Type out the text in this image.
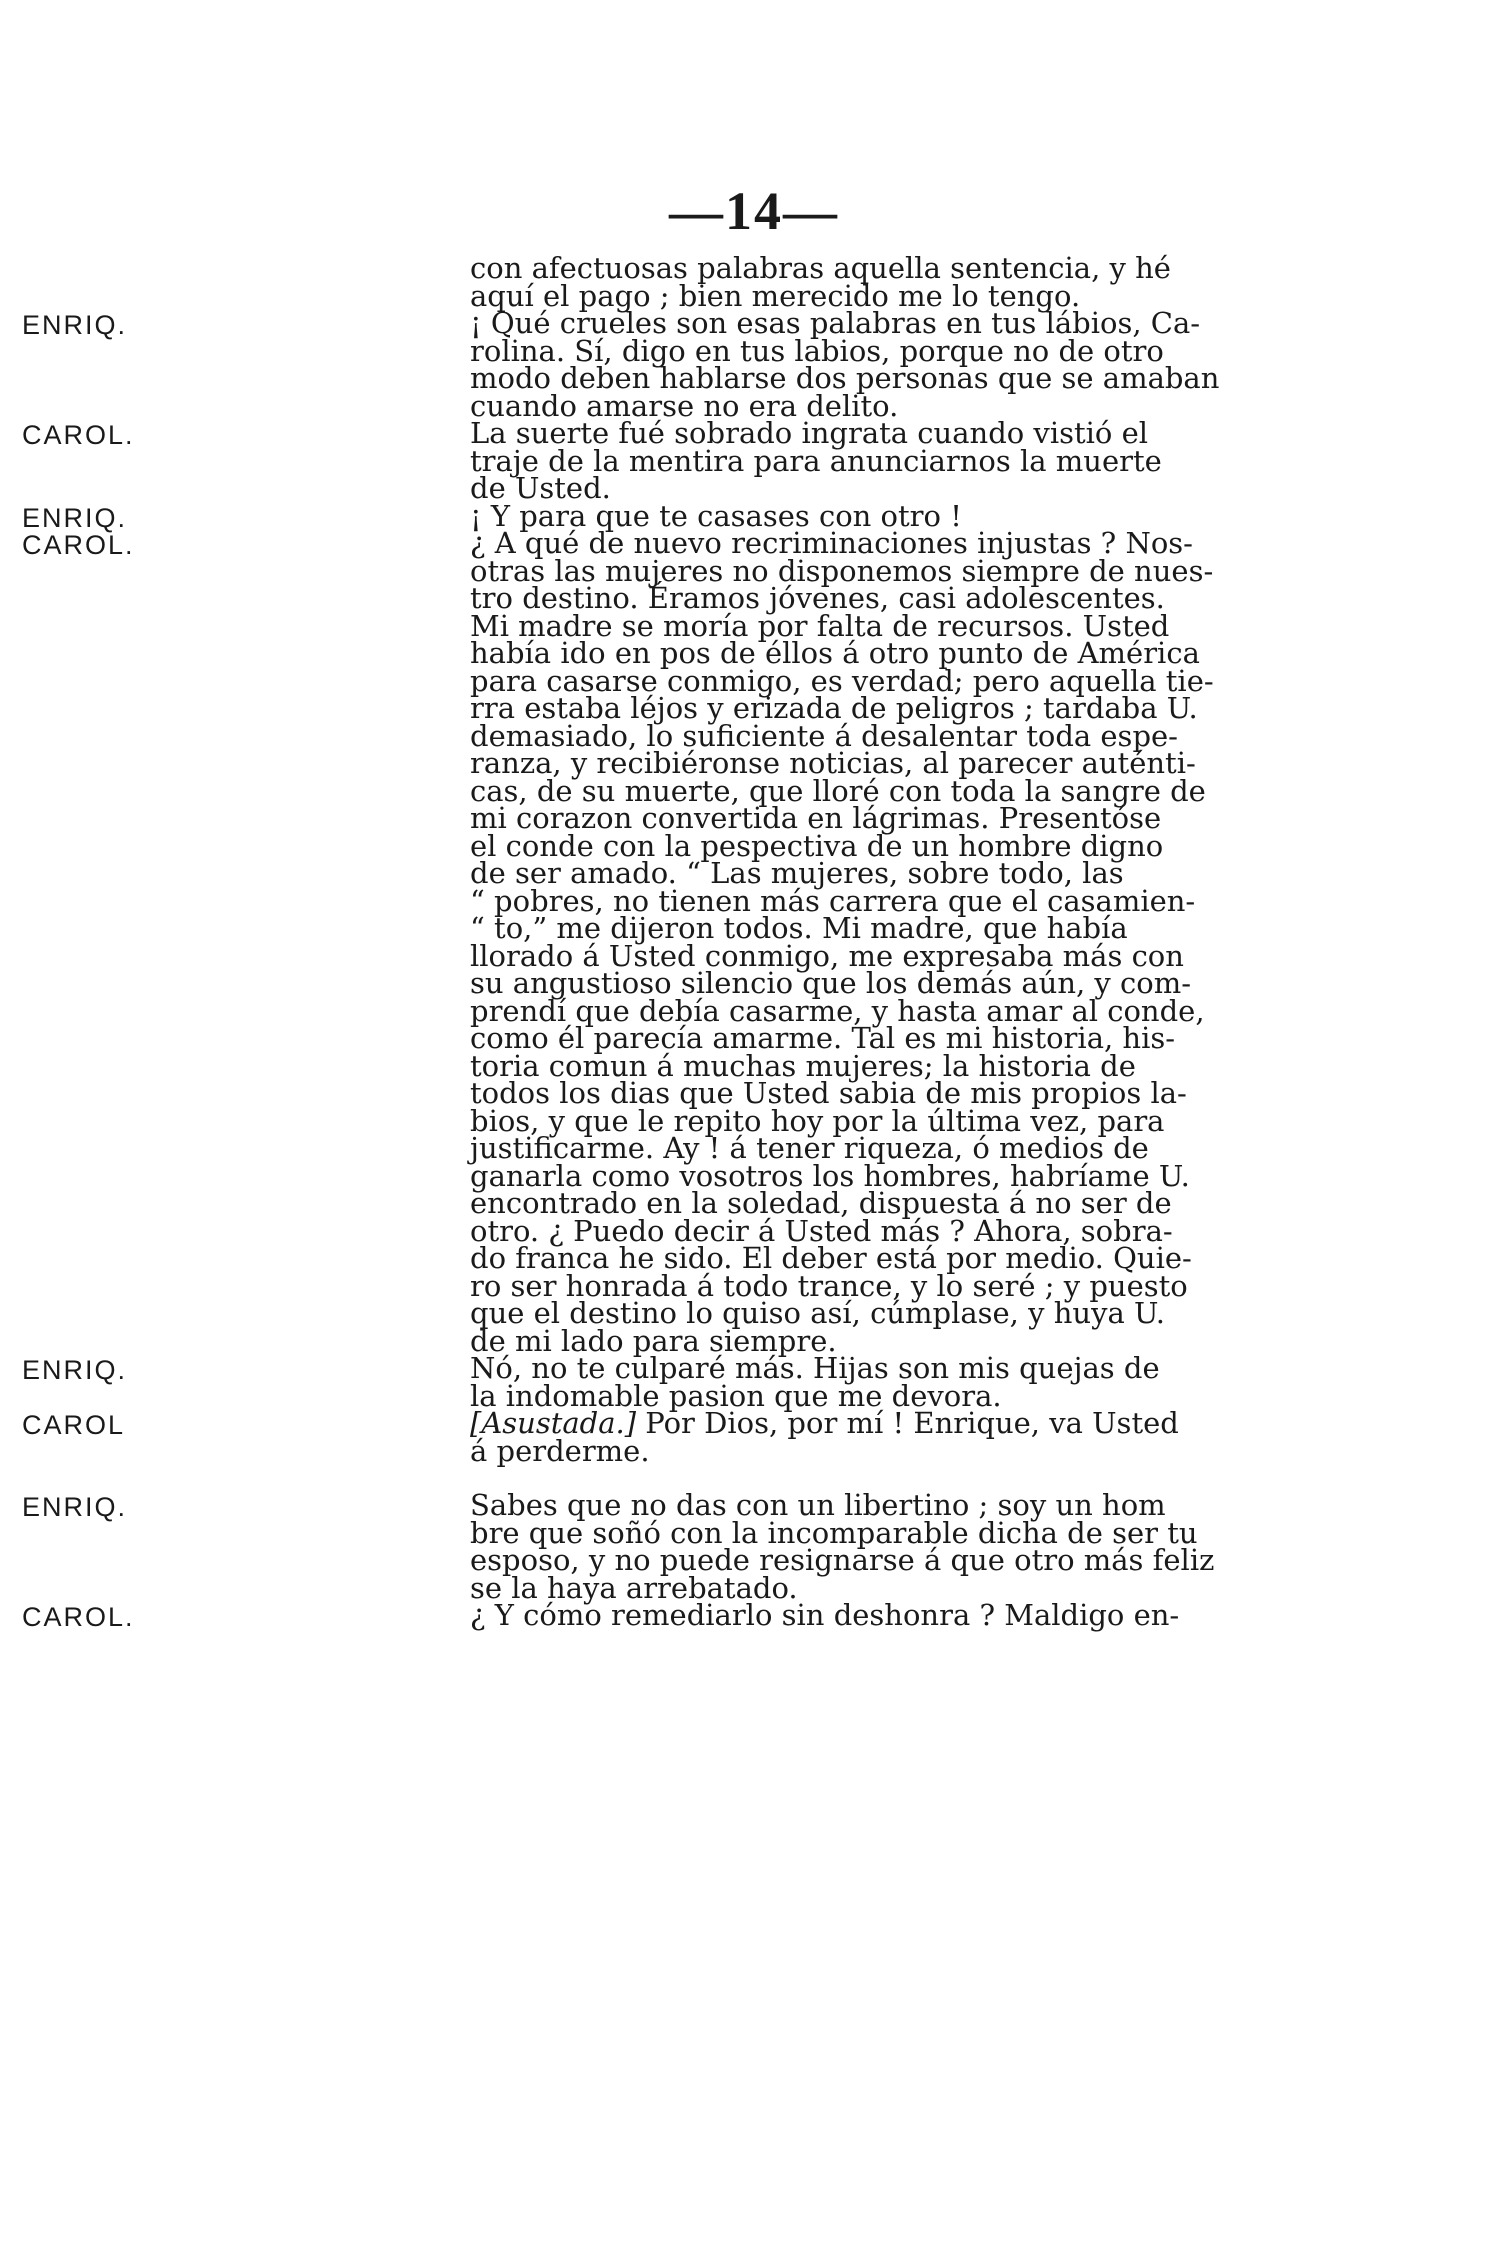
—14—

con afectuosas palabras aquella sentencia, y hé

aquí el pago ; bien merecido me lo tengo.

ENRIQ.	¡ Qué crueles son esas palabras en tus lábios, Ca-

rolina. Sí, digo en tus labios, porque no de otro

modo deben hablarse dos personas que se amaban

cuando amarse no era delito.

CAROL.	La suerte fué sobrado ingrata cuando vistió el

traje de la mentira para anunciarnos la muerte

de Usted.

ENRIQ.	¡ Y para que te casases con otro !

CAROL.	¿ A qué de nuevo recriminaciones injustas ? Nos-

otras las mujeres no disponemos siempre de nues-

tro destino. Éramos jóvenes, casi adolescentes.

Mi madre se moría por falta de recursos. Usted

había ido en pos de éllos á otro punto de América

para casarse conmigo, es verdad; pero aquella tie-

rra estaba léjos y erizada de peligros ; tardaba U.

demasiado, lo suficiente á desalentar toda espe-

ranza, y recibiéronse noticias, al parecer auténti-

cas, de su muerte, que lloré con toda la sangre de

mi corazon convertida en lágrimas. Presentóse

el conde con la pespectiva de un hombre digno

de ser amado. “ Las mujeres, sobre todo, las

“ pobres, no tienen más carrera que el casamien-

“ to,” me dijeron todos. Mi madre, que había

llorado á Usted conmigo, me expresaba más con

su angustioso silencio que los demás aún, y com-

prendí que debía casarme, y hasta amar al conde,

como él parecía amarme. Tal es mi historia, his-

toria comun á muchas mujeres; la historia de

todos los dias que Usted sabia de mis propios la-

bios, y que le repito hoy por la última vez, para

justificarme. Ay ! á tener riqueza, ó medios de

ganarla como vosotros los hombres, habríame U.

encontrado en la soledad, dispuesta á no ser de

otro. ¿ Puedo decir á Usted más ? Ahora, sobra-

do franca he sido. El deber está por medio. Quie-

ro ser honrada á todo trance, y lo seré ; y puesto

que el destino lo quiso así, cúmplase, y huya U.

de mi lado para siempre.

ENRIQ.	Nó, no te culparé más. Hijas son mis quejas de

la indomable pasion que me devora.

CAROL	[Asustada.] Por Dios, por mí ! Enrique, va Usted

á perderme.

ENRIQ.	Sabes que no das con un libertino ; soy un hom

bre que soñó con la incomparable dicha de ser tu

esposo, y no puede resignarse á que otro más feliz

se la haya arrebatado.

CAROL.	¿ Y cómo remediarlo sin deshonra ? Maldigo en-
